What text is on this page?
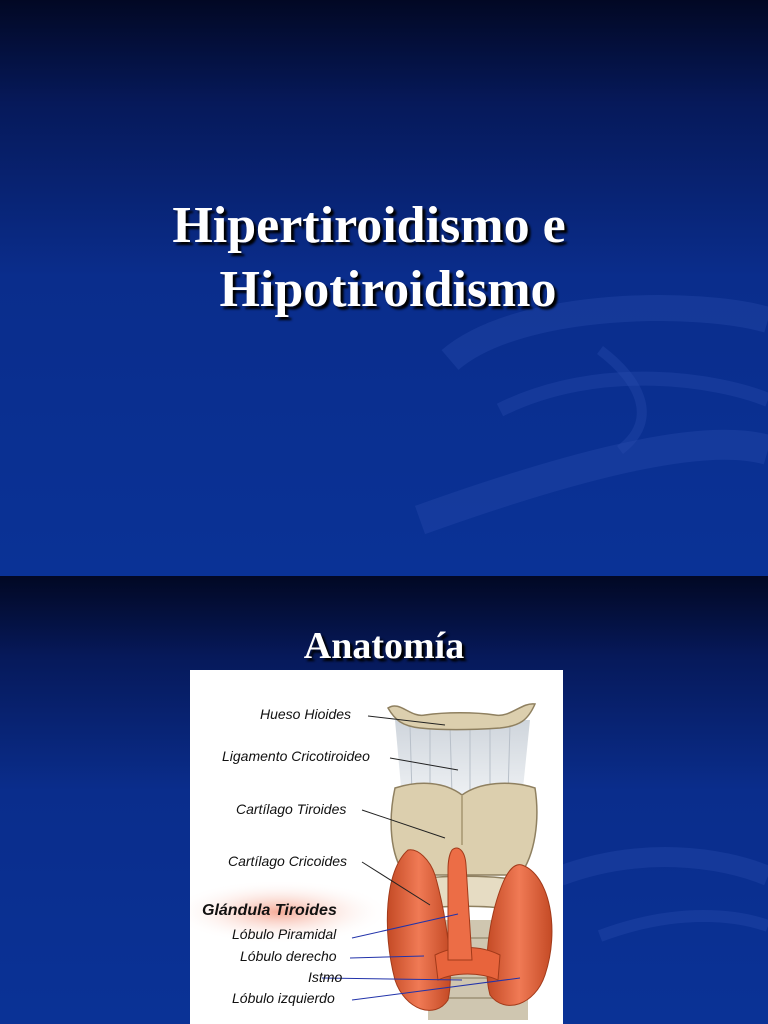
Hipertiroidismo e
Hipotiroidismo
Anatomía
Hueso Hioides
Ligamento Cricotiroideo
Cartílago Tiroides
Cartílago Cricoides
Glándula Tiroides
Lóbulo Piramidal
Lóbulo derecho
Istmo
Lóbulo izquierdo
